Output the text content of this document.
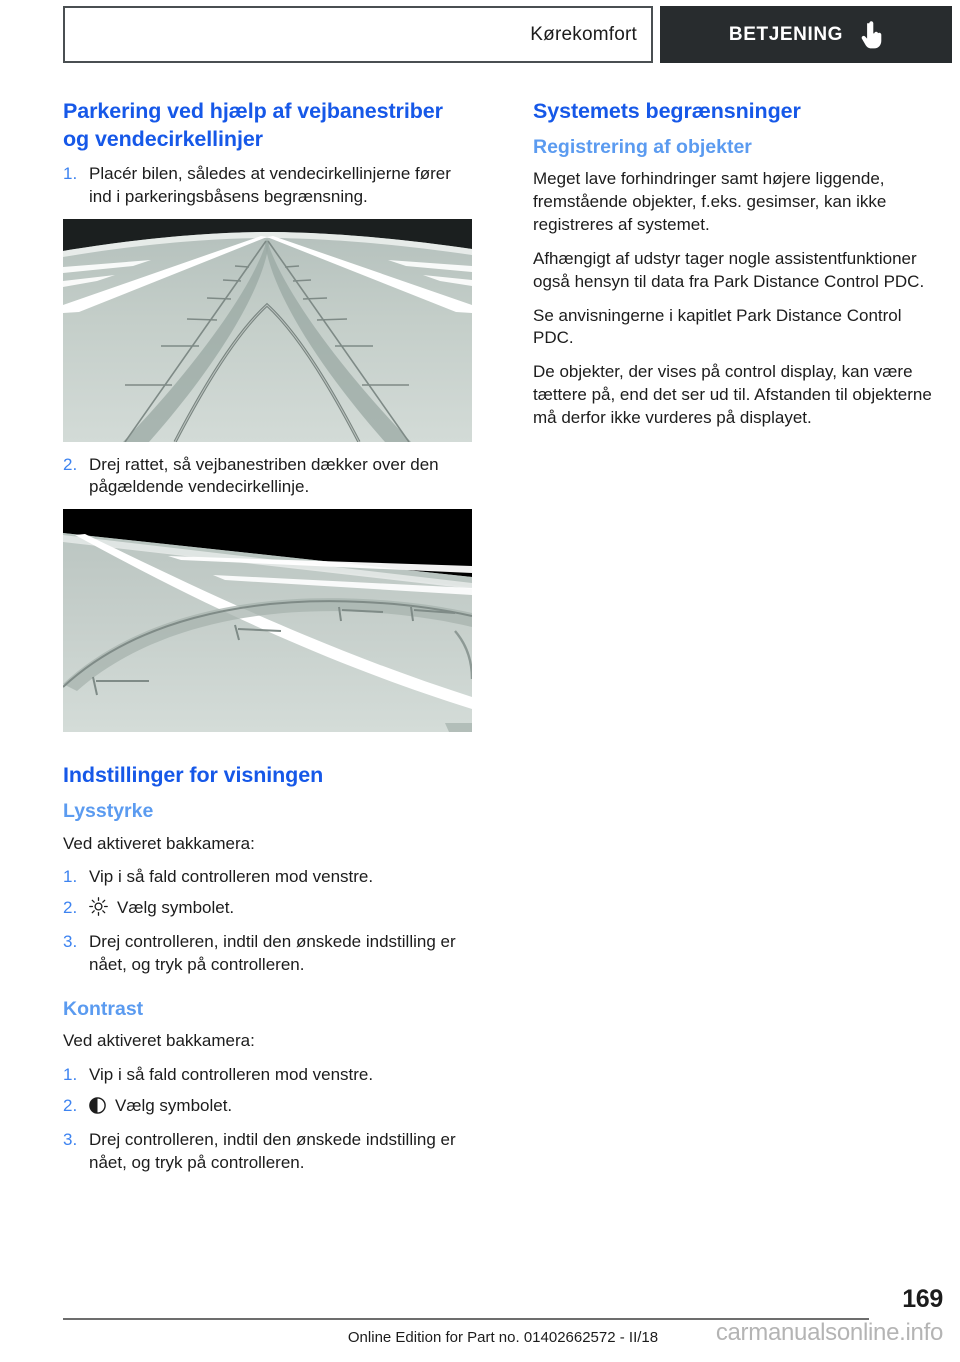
Kørekomfort	BETJENING
Parkering ved hjælp af vejbanestriber og vendecirkellinjer
1. Placér bilen, således at vendecirkellinjerne fører ind i parkeringsbåsens begrænsning.
2. Drej rattet, så vejbanestriben dækker over den pågældende vendecirkellinje.
Indstillinger for visningen
Lysstyrke

Ved aktiveret bakkamera:

1. Vip i så fald controlleren mod venstre.
2.	Vælg symbolet.
3. Drej controlleren, indtil den ønskede indstilling er nået, og tryk på controlleren.
Kontrast

Ved aktiveret bakkamera:

1. Vip i så fald controlleren mod venstre.
2.	Vælg symbolet.
3. Drej controlleren, indtil den ønskede indstilling er nået, og tryk på controlleren.
Systemets begrænsninger
Registrering af objekter

Meget lave forhindringer samt højere liggende, fremstående objekter, f.eks. gesimser, kan ikke registreres af systemet.

Afhængigt af udstyr tager nogle assistentfunktioner også hensyn til data fra Park Distance Control PDC.

Se anvisningerne i kapitlet Park Distance Control PDC.

De objekter, der vises på control display, kan være tættere på, end det ser ud til. Afstanden til objekterne må derfor ikke vurderes på displayet.

169
Online Edition for Part no. 01402662572 - II/18	carmanualsonline.info
